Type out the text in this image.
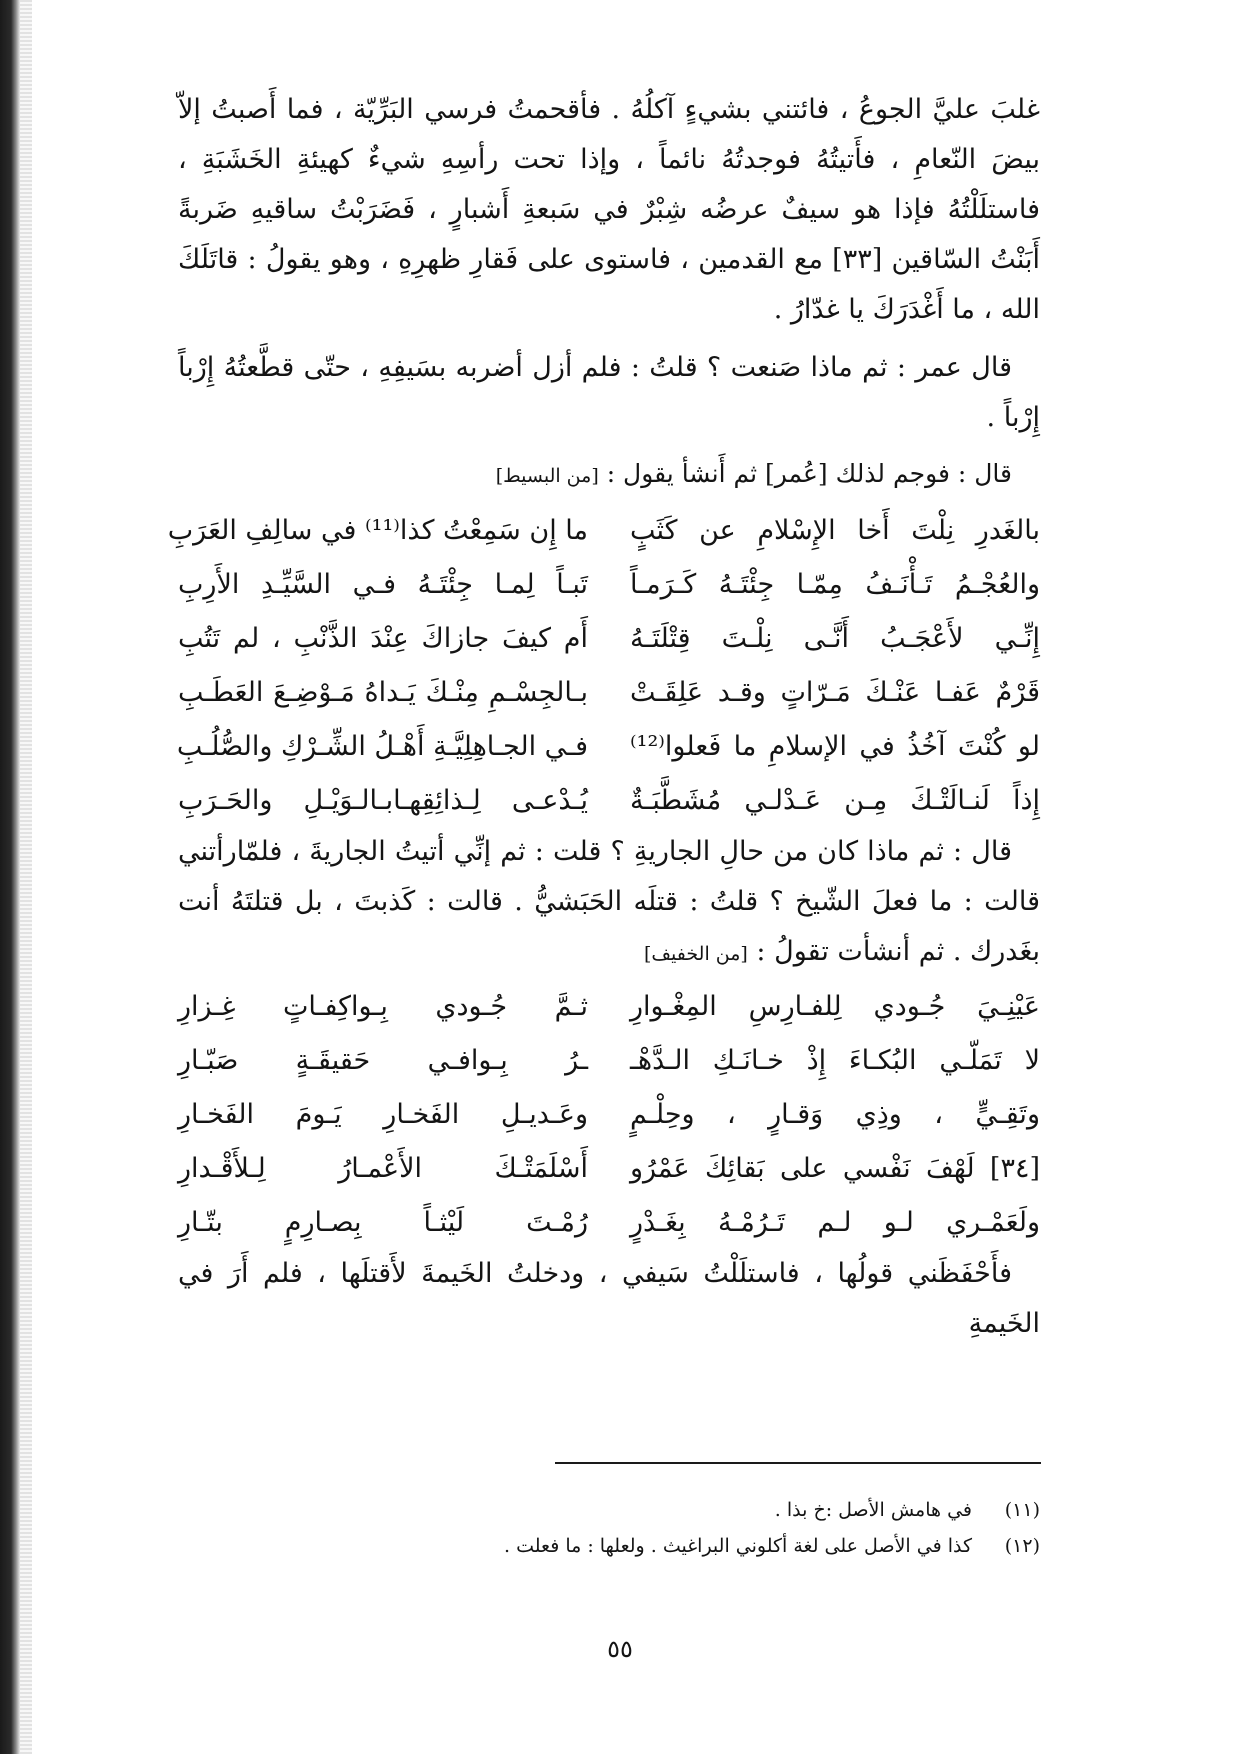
غلبَ عليَّ الجوعُ ، فائتني بشيءٍ آكلُهُ . فأقحمتُ فرسي البَرِّيّة ، فما أَصبتُ إلاّ بيضَ النّعامِ ، فأَتيتُهُ فوجدتُهُ نائماً ، وإذا تحت رأسِهِ شيءٌ كهيئةِ الخَشَبَةِ ، فاستلَلْتُهُ فإذا هو سيفٌ عرضُه شِبْرٌ في سَبعةِ أَشبارٍ ، فَضَرَبْتُ ساقيهِ ضَربةً أَبَنْتُ السّاقين [٣٣] مع القدمين ، فاستوى على فَقارِ ظهرِهِ ، وهو يقولُ : قاتَلَكَ الله ، ما أَغْدَرَكَ يا غدّارُ .

قال عمر : ثم ماذا صَنعت ؟ قلتُ : فلم أزل أضربه بسَيفِهِ ، حتّى قطَّعتُهُ إِرْباً إِرْباً .

قال : فوجم لذلك [عُمر] ثم أَنشأ يقول : [من البسيط]
بالغَدرِ نِلْتَ أَخا الإِسْلامِ عن كَثَبٍ
ما إِن سَمِعْتُ كذا⁽¹¹⁾ في سالِفِ العَرَبِ
والعُجْـمُ تَـأْنَـفُ مِمّـا جِئْتَـهُ كَـرَمـاً
تَبـاً لِمـا جِئْتَـهُ فـي السَّيِّـدِ الأَرِبِ
إِنِّـي لأَعْجَـبُ أَنَّـى نِلْـتَ قِتْلَتَـهُ
أَم كيفَ جازاكَ عِنْدَ الذَّنْبِ ، لم تَتُبِ
قَرْمٌ عَفـا عَنْـكَ مَـرّاتٍ وقـد عَلِقَـتْ
بـالجِسْـمِ مِنْـكَ يَـداهُ مَـوْضِـعَ العَطَـبِ
لو كُنْتَ آخُذُ في الإسلامِ ما فَعلوا⁽¹²⁾
فـي الجـاهِلِيَّـةِ أَهْـلُ الشِّـرْكِ والصُّلُـبِ
إِذاً لَنـالَتْـكَ مِـن عَـدْلـي مُشَطَّبَـةٌ
يُـدْعـى لِـذائِقِهـابـالـوَيْـلِ والحَـرَبِ

قال : ثم ماذا كان من حالِ الجاريةِ ؟ قلت : ثم إنِّي أتيتُ الجاريةَ ، فلمّارأتني قالت : ما فعلَ الشّيخ ؟ قلتُ : قتلَه الحَبَشيُّ . قالت : كَذبتَ ، بل قتلتَهُ أنت بغَدرك . ثم أنشأت تقولُ : [من الخفيف]

عَيْنِـيَ جُـودي لِلفـارِسِ المِغْـوارِ
ثـمَّ جُـودي بِـواكِفـاتٍ غِـزارِ
لا تَمَلّـي البُكـاءَ إِذْ خـانَـكِ الـدَّهْـ
ـرُ بِـوافـي حَقيقَـةٍ صَبّـارِ
وتَقِـيٍّ ، وذِي وَقـارٍ ، وحِلْـمٍ
وعَـديـلِ الفَخـارِ يَـومَ الفَخـارِ
[٣٤] لَهْفَ نَفْسي على بَقائِكَ عَمْرُو
أَسْلَمَتْـكَ الأَعْمـارُ لِـلأَقْـدارِ
ولَعَمْـري لـو لـم تَـرُمْـهُ بِغَـدْرٍ
رُمْـتَ لَيْثـاً بِصـارِمٍ بتّـارِ

فأَحْفَظَني قولُها ، فاستلَلْتُ سَيفي ، ودخلتُ الخَيمةَ لأَقتلَها ، فلم أَرَ في الخَيمةِ

(١١)
في هامش الأصل :خ بذا .
(١٢)
كذا في الأصل على لغة أكلوني البراغيث . ولعلها : ما فعلت .
٥٥
